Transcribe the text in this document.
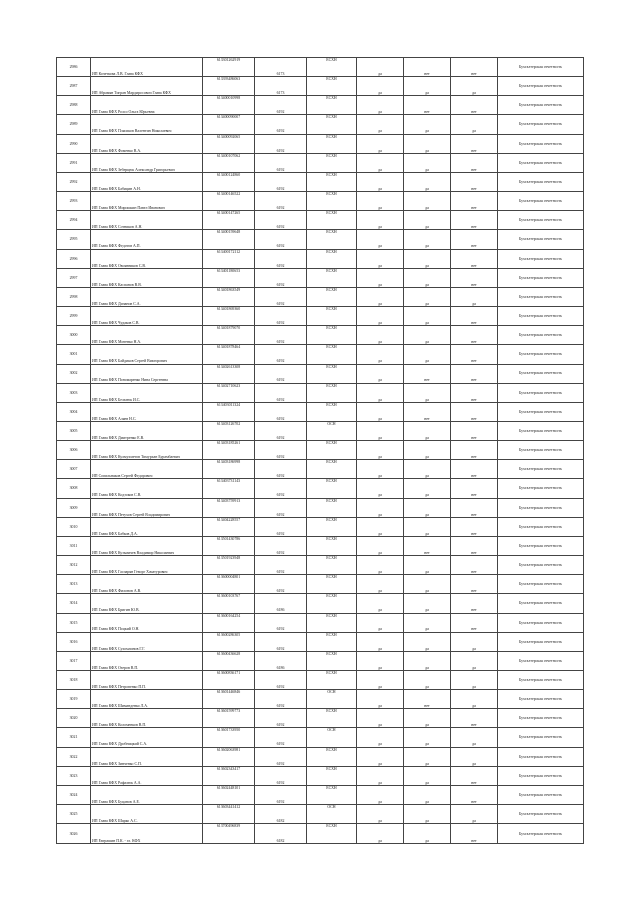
2986	ИП Кочеткова Л.В. Глава КФХ	613301262919	6173	ЕСХН	да	нет	нет	Бухгалтерская отчетность
2987	ИП Абрамян Тигран Мардиросович Глава КФХ	613393486063	6173	ЕСХН	да	да	да	Бухгалтерская отчетность
2988	ИП Глава КФХ Ролсо Ольга Юрьевна	613400010998	6192	ЕСХН	да	нет	нет	Бухгалтерская отчетность
2989	ИП Глава КФХ Плясиков Валентин Николаевич	613400090007	6192	ЕСХН	да	да	да	Бухгалтерская отчетность
2990	ИП Глава КФХ Фоменко В.А.	613400092065	6192	ЕСХН	да	да	нет	Бухгалтерская отчетность
2991	ИП Глава КФХ Зеберцюк Александр Григорьевич	613400107062	6192	ЕСХН	да	да	нет	Бухгалтерская отчетность
2992	ИП Глава КФХ Бабицин А.Н.	613400124860	6192	ЕСХН	да	да	нет	Бухгалтерская отчетность
2993	ИП Глава КФХ Мирошкин Павел Иванович	613400146522	6192	ЕСХН	да	да	нет	Бухгалтерская отчетность
2994	ИП Глава КФХ Сотников А.Н.	613400147265	6192	ЕСХН	да	да	нет	Бухгалтерская отчетность
2995	ИП Глава КФХ Федотов А.П.	613400159648	6192	ЕСХН	да	да	нет	Бухгалтерская отчетность
2996	ИП Глава КФХ Овсянников С.В.	613400172112	6192	ЕСХН	да	да	нет	Бухгалтерская отчетность
2997	ИП Глава КФХ Каспанов В.В.	613401180653	6192	ЕСХН	да	да	нет	Бухгалтерская отчетность
2998	ИП Глава КФХ Дичанов С.А.	613401863549	6192	ЕСХН	да	да	да	Бухгалтерская отчетность
2999	ИП Глава КФХ Чудаков С.В.	613401869360	6192	ЕСХН	да	да	нет	Бухгалтерская отчетность
3000	ИП Глава КФХ Митенко Н.А.	613401879070	6192	ЕСХН	да	да	нет	Бухгалтерская отчетность
3001	ИП Глава КФХ Байдиков Сергей Викторович	613401878464	6192	ЕСХН	да	да	нет	Бухгалтерская отчетность
3002	ИП Глава КФХ Пономаренко Нина Сергеевна	613402613308	6192	ЕСХН	да	нет	нет	Бухгалтерская отчетность
3003	ИП Глава КФХ Бельтюк И.С.	613402710623	6192	ЕСХН	да	да	нет	Бухгалтерская отчетность
3004	ИП Глава КФХ Аляев Н.С.	613403011324	6192	ЕСХН	да	нет	нет	Бухгалтерская отчетность
3005	ИП Глава КФХ Дмитренко Е.В.	613403126702	6192	ОСН	да	да	нет	Бухгалтерская отчетность
3006	ИП Глава КФХ Кулмухметов Тимурхан Бурамбаевич	613403185261	6192	ЕСХН	да	да	нет	Бухгалтерская отчетность
3007	ИП Сопильняков Сергей Федорович	613403186998	6192	ЕСХН	да	да	нет	Бухгалтерская отчетность
3008	ИП Глава КФХ Кодзоков С.В.	613403731143	6192	ЕСХН	да	да	нет	Бухгалтерская отчетность
3009	ИП Глава КФХ Петухов Сергей Владимирович	613403759913	6192	ЕСХН	да	да	нет	Бухгалтерская отчетность
3010	ИП Глава КФХ Бабков Д.А.	613404228557	6192	ЕСХН	да	да	нет	Бухгалтерская отчетность
3011	ИП Глава КФХ Кузьмичев Владимир Николаевич	613501430786	6192	ЕСХН	да	нет	нет	Бухгалтерская отчетность
3012	ИП Глава КФХ Гаспарян Геворг Хачатурович	613501923948	6192	ЕСХН	да	да	нет	Бухгалтерская отчетность
3013	ИП Глава КФХ Филонов А.В.	613600004801	6192	ЕСХН	да	да	нет	Бухгалтерская отчетность
3014	ИП Глава КФХ Бригин Ю.В.	613600103767	6186	ЕСХН	да	да	нет	Бухгалтерская отчетность
3015	ИП Глава КФХ Поцкий О.Н.	613600164254	6192	ЕСХН	да	да	нет	Бухгалтерская отчетность
3016	ИП Глава КФХ Сухомлинов Г.Г.	613600286305	6192	ЕСХН	да	да	да	Бухгалтерская отчетность
3017	ИП Глава КФХ Озеров В.П.	613600436628	6186	ЕСХН	да	да	да	Бухгалтерская отчетность
3018	ИП Глава КФХ Петровенко П.П.	613600836171	6192	ЕСХН	да	да	да	Бухгалтерская отчетность
3019	ИП Глава КФХ Шиманденко Л.А.	613601446846	6192	ОСН	да	нет	да	Бухгалтерская отчетность
3020	ИП Глава КФХ Коломенков В.П.	613601599773	6192	ЕСХН	да	да	нет	Бухгалтерская отчетность
3021	ИП Глава КФХ Дробницкий С.А.	613601733950	6192	ОСН	да	да	да	Бухгалтерская отчетность
3022	ИП Глава КФХ Зинченко С.П.	613602063981	6192	ЕСХН	да	да	да	Бухгалтерская отчетность
3023	ИП Глава КФХ Рафалюк А.А.	613602343417	6192	ЕСХН	да	да	нет	Бухгалтерская отчетность
3024	ИП Глава КФХ Буцанов А.Е.	613602448101	6192	ЕСХН	да	да	нет	Бухгалтерская отчетность
3025	ИП Глава КФХ Шарко А.С.	613603441412	6182	ОСН	да	да	да	Бухгалтерская отчетность
3026	ИП Евграшин П.К. - гл. КФХ	613700496839	6182	ЕСХН	да	да	нет	Бухгалтерская отчетность
